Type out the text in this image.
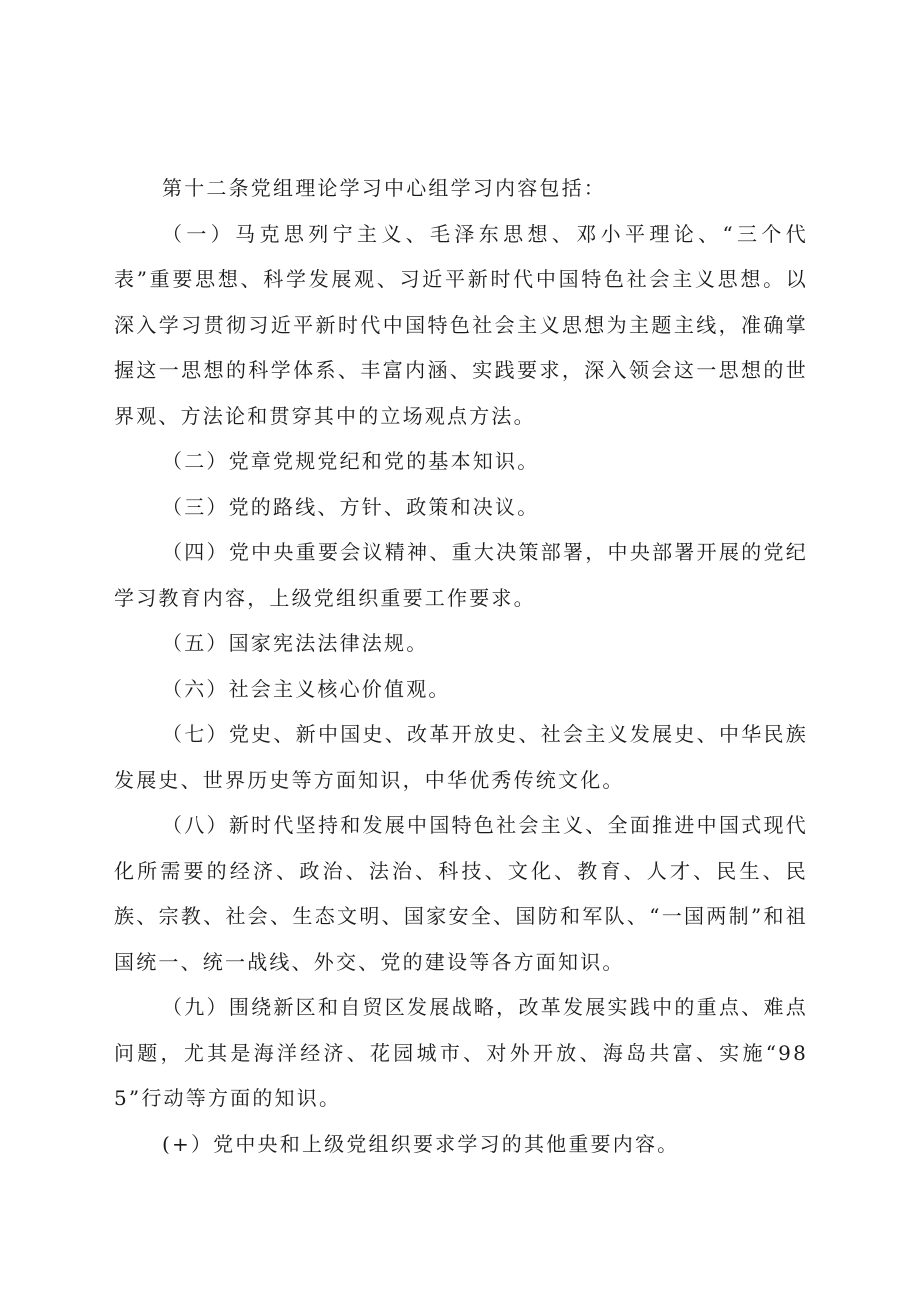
第十二条党组理论学习中心组学习内容包括：

（一）马克思列宁主义、毛泽东思想、邓小平理论、“三个代表”重要思想、科学发展观、习近平新时代中国特色社会主义思想。以深入学习贯彻习近平新时代中国特色社会主义思想为主题主线，准确掌握这一思想的科学体系、丰富内涵、实践要求，深入领会这一思想的世界观、方法论和贯穿其中的立场观点方法。

（二）党章党规党纪和党的基本知识。

（三）党的路线、方针、政策和决议。

（四）党中央重要会议精神、重大决策部署，中央部署开展的党纪学习教育内容，上级党组织重要工作要求。

（五）国家宪法法律法规。

（六）社会主义核心价值观。

（七）党史、新中国史、改革开放史、社会主义发展史、中华民族发展史、世界历史等方面知识，中华优秀传统文化。

（八）新时代坚持和发展中国特色社会主义、全面推进中国式现代化所需要的经济、政治、法治、科技、文化、教育、人才、民生、民族、宗教、社会、生态文明、国家安全、国防和军队、“一国两制”和祖国统一、统一战线、外交、党的建设等各方面知识。

（九）围绕新区和自贸区发展战略，改革发展实践中的重点、难点问题，尤其是海洋经济、花园城市、对外开放、海岛共富、实施“985”行动等方面的知识。

(+）党中央和上级党组织要求学习的其他重要内容。
